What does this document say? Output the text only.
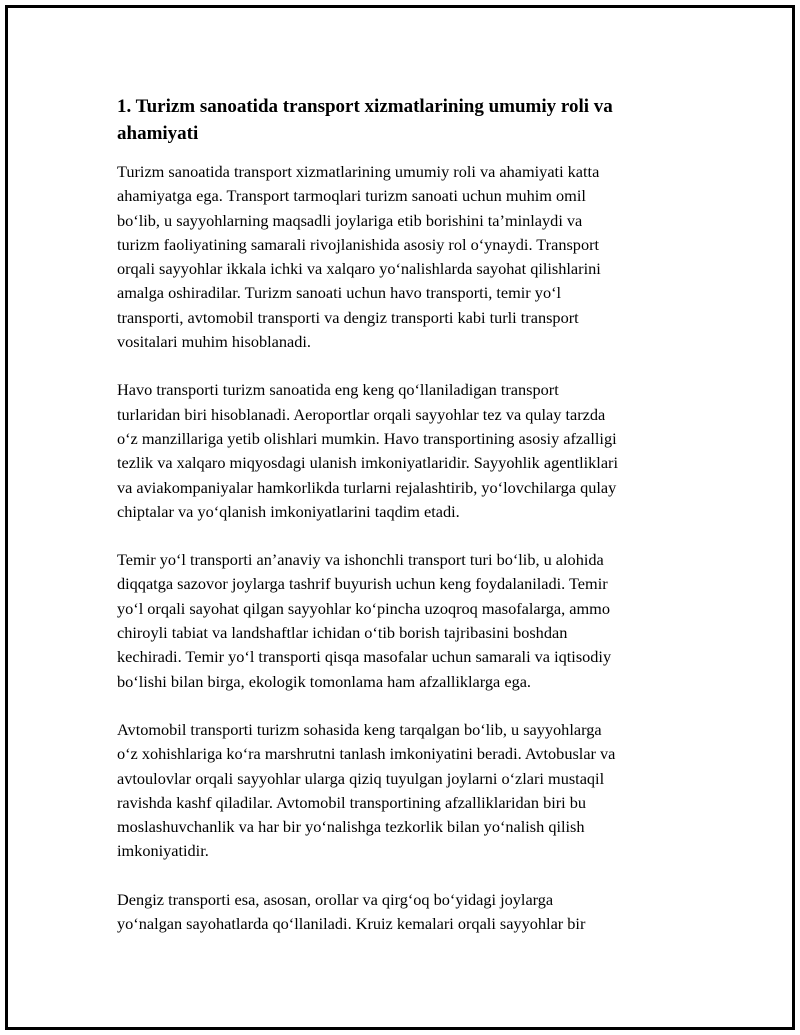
1. Turizm sanoatida transport xizmatlarining umumiy roli va ahamiyati
Turizm sanoatida transport xizmatlarining umumiy roli va ahamiyati katta
ahamiyatga ega. Transport tarmoqlari turizm sanoati uchun muhim omil
bo‘lib, u sayyohlarning maqsadli joylariga etib borishini ta’minlaydi va
turizm faoliyatining samarali rivojlanishida asosiy rol o‘ynaydi. Transport
orqali sayyohlar ikkala ichki va xalqaro yo‘nalishlarda sayohat qilishlarini
amalga oshiradilar. Turizm sanoati uchun havo transporti, temir yo‘l
transporti, avtomobil transporti va dengiz transporti kabi turli transport
vositalari muhim hisoblanadi.
Havo transporti turizm sanoatida eng keng qo‘llaniladigan transport
turlaridan biri hisoblanadi. Aeroportlar orqali sayyohlar tez va qulay tarzda
o‘z manzillariga yetib olishlari mumkin. Havo transportining asosiy afzalligi
tezlik va xalqaro miqyosdagi ulanish imkoniyatlaridir. Sayyohlik agentliklari
va aviakompaniyalar hamkorlikda turlarni rejalashtirib, yo‘lovchilarga qulay
chiptalar va yo‘qlanish imkoniyatlarini taqdim etadi.
Temir yo‘l transporti an’anaviy va ishonchli transport turi bo‘lib, u alohida
diqqatga sazovor joylarga tashrif buyurish uchun keng foydalaniladi. Temir
yo‘l orqali sayohat qilgan sayyohlar ko‘pincha uzoqroq masofalarga, ammo
chiroyli tabiat va landshaftlar ichidan o‘tib borish tajribasini boshdan
kechiradi. Temir yo‘l transporti qisqa masofalar uchun samarali va iqtisodiy
bo‘lishi bilan birga, ekologik tomonlama ham afzalliklarga ega.
Avtomobil transporti turizm sohasida keng tarqalgan bo‘lib, u sayyohlarga
o‘z xohishlariga ko‘ra marshrutni tanlash imkoniyatini beradi. Avtobuslar va
avtoulovlar orqali sayyohlar ularga qiziq tuyulgan joylarni o‘zlari mustaqil
ravishda kashf qiladilar. Avtomobil transportining afzalliklaridan biri bu
moslashuvchanlik va har bir yo‘nalishga tezkorlik bilan yo‘nalish qilish
imkoniyatidir.
Dengiz transporti esa, asosan, orollar va qirg‘oq bo‘yidagi joylarga
yo‘nalgan sayohatlarda qo‘llaniladi. Kruiz kemalari orqali sayyohlar bir
